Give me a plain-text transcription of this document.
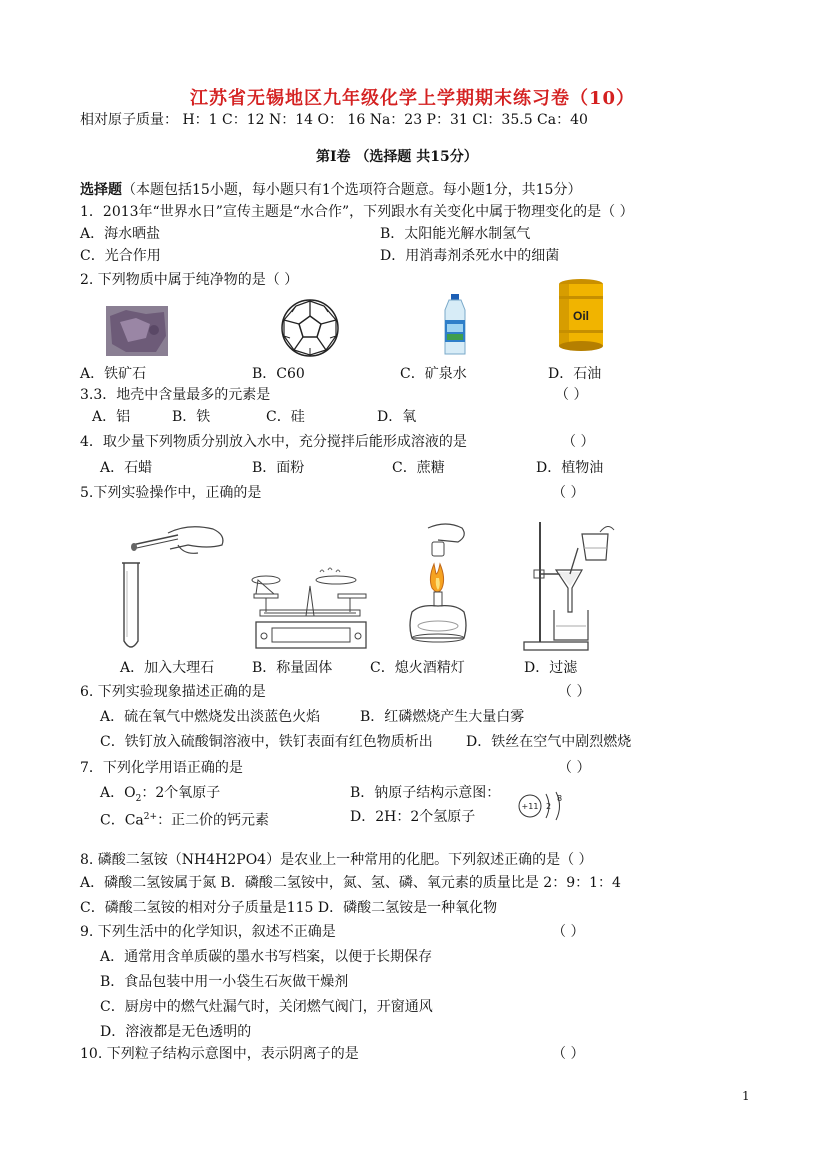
江苏省无锡地区九年级化学上学期期末练习卷（10）
相对原子质量： H：1 C：12 N：14 O： 16 Na：23 P：31 Cl：35.5 Ca：40
第Ⅰ卷 （选择题 共15分）
选择题（本题包括15小题，每小题只有1个选项符合题意。每小题1分，共15分）
1．2013年“世界水日”宣传主题是“水合作”，下列跟水有关变化中属于物理变化的是（ ）
A．海水晒盐	B．太阳能光解水制氢气
C．光合作用	D．用消毒剂杀死水中的细菌
2. 下列物质中属于纯净物的是（ ）
Oil
A．铁矿石	B．C60	C．矿泉水	D．石油
3.3．地壳中含量最多的元素是	（ ）
A．铝	B．铁	C．硅	D．氧
4．取少量下列物质分别放入水中，充分搅拌后能形成溶液的是	（ ）
A．石蜡	B．面粉	C．蔗糖	D．植物油
5.下列实验操作中，正确的是	（ ）
A．加入大理石	B．称量固体	C．熄火酒精灯	D．过滤
6. 下列实验现象描述正确的是	（ ）
A．硫在氧气中燃烧发出淡蓝色火焰	B．红磷燃烧产生大量白雾
C．铁钉放入硫酸铜溶液中，铁钉表面有红色物质析出 D．铁丝在空气中剧烈燃烧
7．下列化学用语正确的是	（ ）
A．$O_2$：2个氧原子	B．钠原子结构示意图：
+11 2
8
C．$Ca^{2+}$：正二价的钙元素	D．2H：2个氢原子
8. 磷酸二氢铵（NH4H2PO4）是农业上一种常用的化肥。下列叙述正确的是（ ）
A．磷酸二氢铵属于氮 B．磷酸二氢铵中，氮、氢、磷、氧元素的质量比是 2：9：1：4
C．磷酸二氢铵的相对分子质量是115 D．磷酸二氢铵是一种氧化物
9. 下列生活中的化学知识，叙述不正确是	（ ）
A．通常用含单质碳的墨水书写档案，以便于长期保存
B．食品包装中用一小袋生石灰做干燥剂
C．厨房中的燃气灶漏气时，关闭燃气阀门，开窗通风
D．溶液都是无色透明的
10. 下列粒子结构示意图中，表示阴离子的是	（ ）
1
